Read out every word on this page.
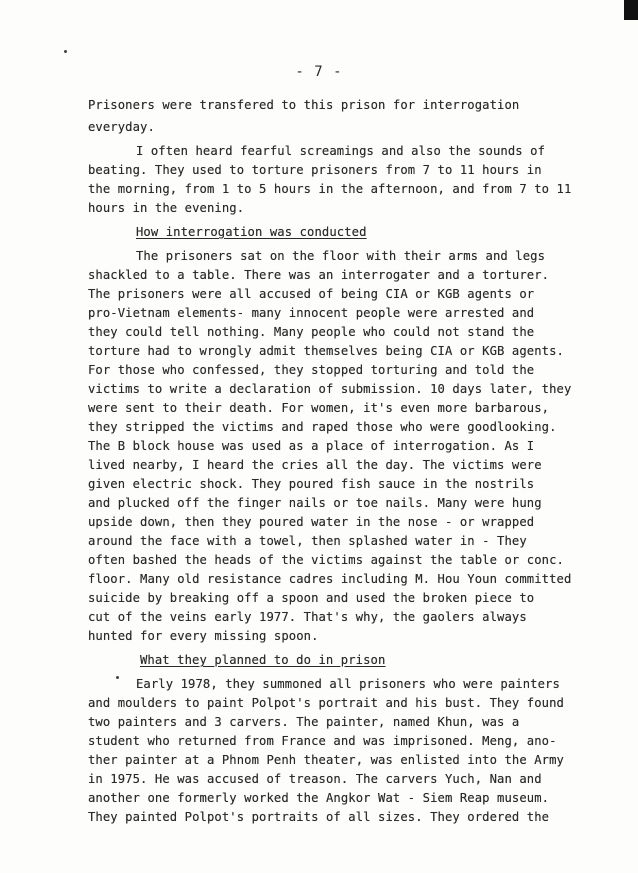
- 7 -
Prisoners were transfered to this prison for interrogation
everyday.
I often heard fearful screamings and also the sounds of
beating. They used to torture prisoners from 7 to 11 hours in
the morning, from 1 to 5 hours in the afternoon, and from 7 to 11
hours in the evening.
How interrogation was conducted
The prisoners sat on the floor with their arms and legs
shackled to a table. There was an interrogater and a torturer.
The prisoners were all accused of being CIA or KGB agents or
pro-Vietnam elements- many innocent people were arrested and
they could tell nothing. Many people who could not stand the
torture had to wrongly admit themselves being CIA or KGB agents.
For those who confessed, they stopped torturing and told the
victims to write a declaration of submission. 10 days later, they
were sent to their death. For women, it's even more barbarous,
they stripped the victims and raped those who were goodlooking.
The B block house was used as a place of interrogation. As I
lived nearby, I heard the cries all the day. The victims were
given electric shock. They poured fish sauce in the nostrils
and plucked off the finger nails or toe nails. Many were hung
upside down, then they poured water in the nose - or wrapped
around the face with a towel, then splashed water in - They
often bashed the heads of the victims against the table or conc.
floor. Many old resistance cadres including M. Hou Youn committed
suicide by breaking off a spoon and used the broken piece to
cut of the veins early 1977. That's why, the gaolers always
hunted for every missing spoon.
What they planned to do in prison
Early 1978, they summoned all prisoners who were painters
and moulders to paint Polpot's portrait and his bust. They found
two painters and 3 carvers. The painter, named Khun, was a
student who returned from France and was imprisoned. Meng, ano-
ther painter at a Phnom Penh theater, was enlisted into the Army
in 1975. He was accused of treason. The carvers Yuch, Nan and
another one formerly worked the Angkor Wat - Siem Reap museum.
They painted Polpot's portraits of all sizes. They ordered the
